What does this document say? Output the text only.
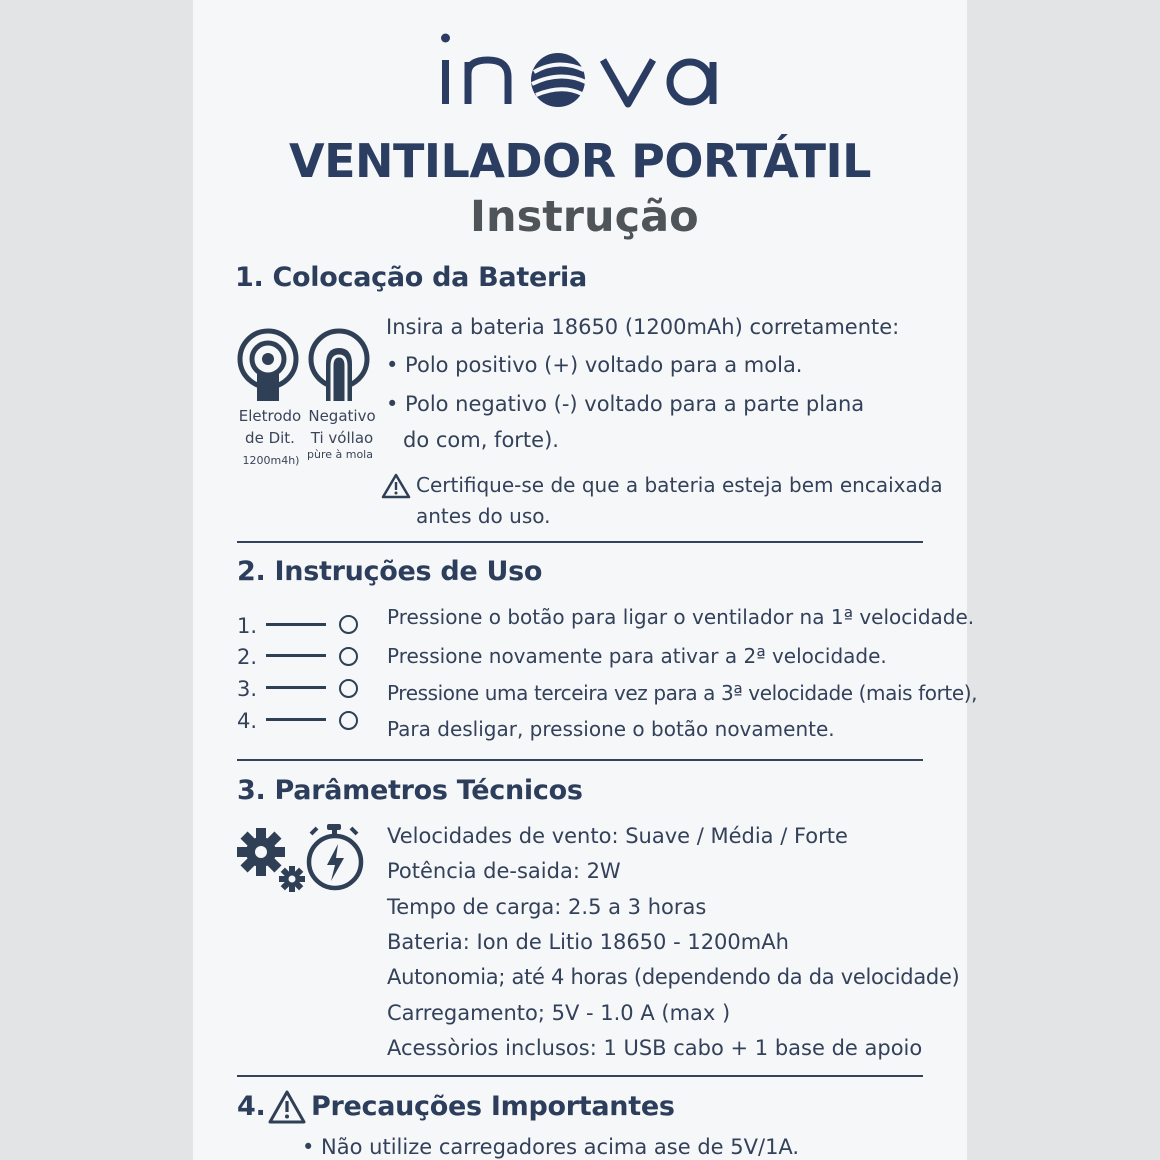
VENTILADOR PORTÁTIL
Instrução
1. Colocação da Bateria
Eletrodo
de Dit.
1200m4h)
Negativo
Ti vóllao
pùre à mola
Insira a bateria 18650 (1200mAh) corretamente:
• Polo positivo (+) voltado para a mola.
• Polo negativo (-) voltado para a parte plana
do com, forte).
Certifique-se de que a bateria esteja bem encaixada
antes do uso.
2. Instruções de Uso
1.	Pressione o botão para ligar o ventilador na 1ª velocidade.
2.	Pressione novamente para ativar a 2ª velocidade.
3.	Pressione uma terceira vez para a 3ª velocidade (mais forte),
4.	Para desligar, pressione o botão novamente.
3. Parâmetros Técnicos
Velocidades de vento: Suave / Média / Forte
Potência de-saida: 2W
Tempo de carga: 2.5 a 3 horas
Bateria: Ion de Litio 18650 - 1200mAh
Autonomia; até 4 horas (dependendo da da velocidade)
Carregamento; 5V - 1.0 A (max )
Acessòrios inclusos: 1 USB cabo + 1 base de apoio
4. Precauções Importantes
• Não utilize carregadores acima ase de 5V/1A.
